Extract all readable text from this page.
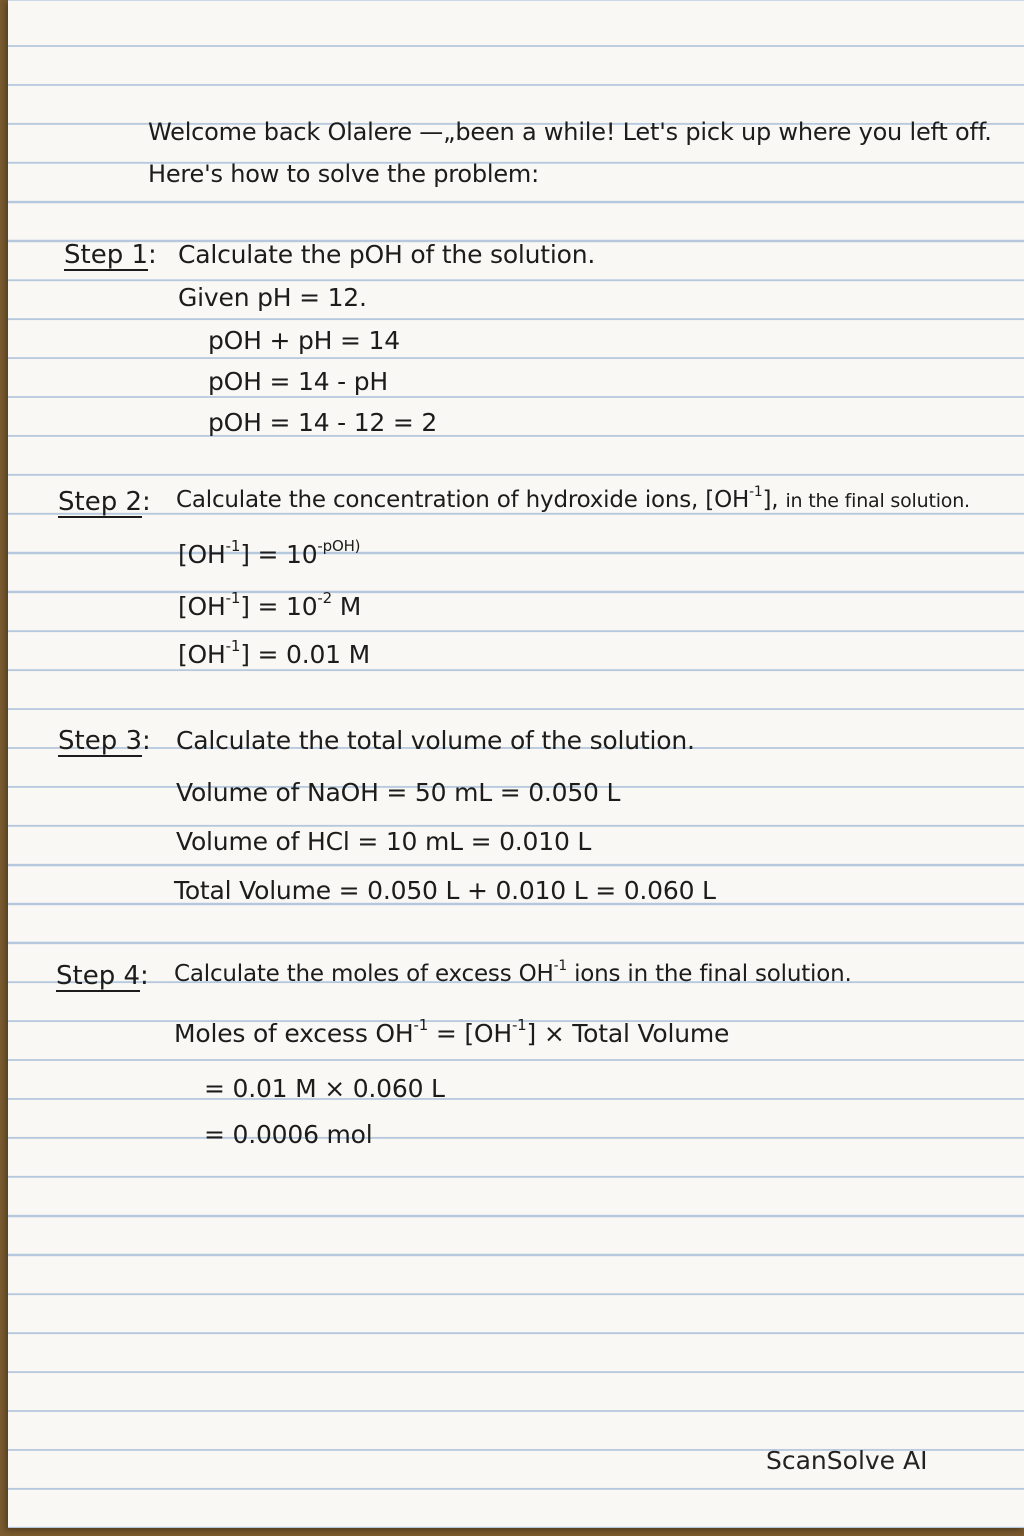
Welcome back Olalere —„been a while! Let's pick up where you left off.
Here's how to solve the problem:
Step 1: Calculate the pOH of the solution.
Given pH = 12.
pOH + pH = 14
pOH = 14 - pH
pOH = 14 - 12 = 2
Step 2: Calculate the concentration of hydroxide ions, $[OH^{-1}]$, in the final solution.
$[OH^{-1}] = 10^{-pOH)}$
$[OH^{-1}] = 10^{-2}$ M
$[OH^{-1}] = 0.01$ M
Step 3: Calculate the total volume of the solution.
Volume of NaOH = 50 mL = 0.050 L
Volume of HCl = 10 mL = 0.010 L
Total Volume = 0.050 L + 0.010 L = 0.060 L
Step 4: Calculate the moles of excess $OH^{-1}$ ions in the final solution.
Moles of excess $OH^{-1} = [OH^{-1}]$ × Total Volume
= 0.01 M × 0.060 L
= 0.0006 mol
ScanSolve AI
